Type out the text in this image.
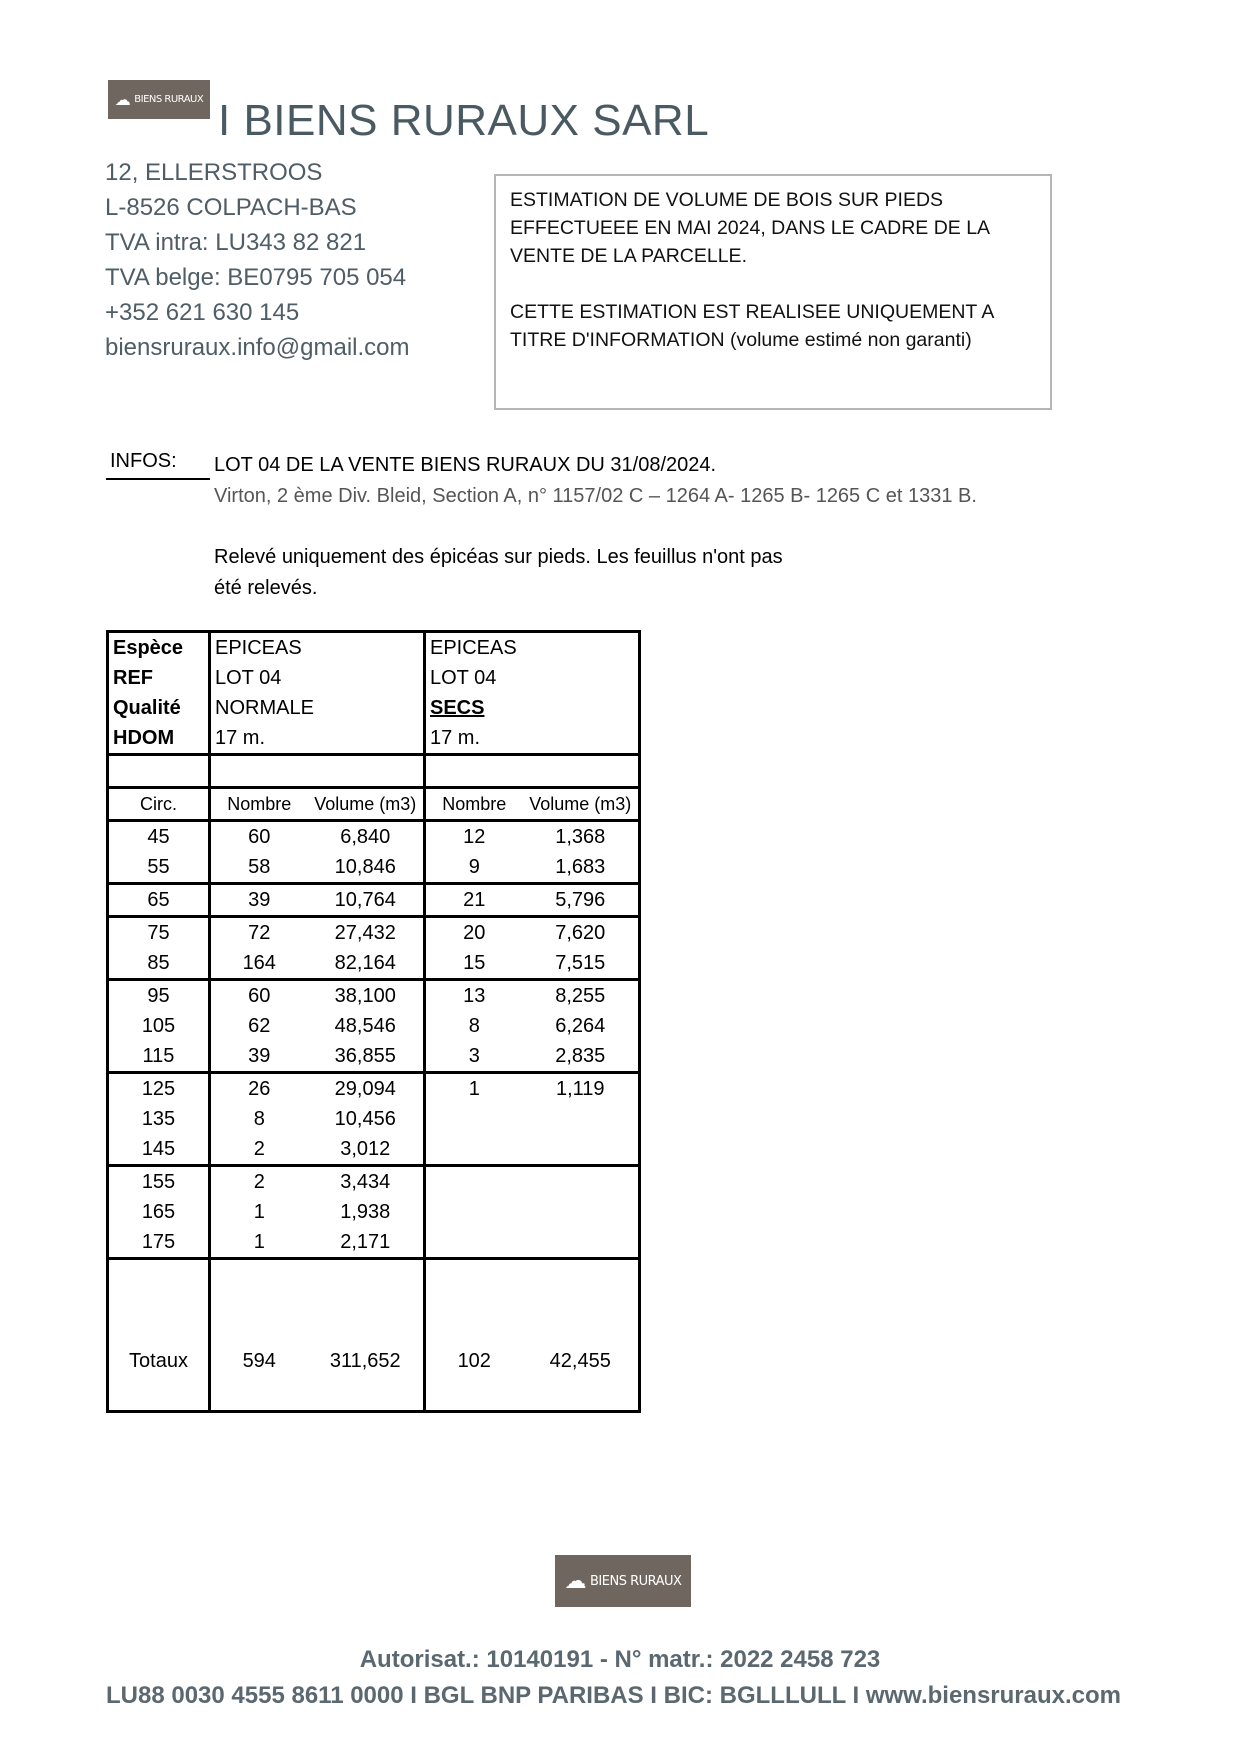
☁ BIENS RURAUX I BIENS RURAUX SARL
12, ELLERSTROOS
L-8526 COLPACH-BAS
TVA intra: LU343 82 821
TVA belge: BE0795 705 054
+352 621 630 145
biensruraux.info@gmail.com

ESTIMATION DE VOLUME DE BOIS SUR PIEDS EFFECTUEEE EN MAI 2024, DANS LE CADRE DE LA VENTE DE LA PARCELLE.

CETTE ESTIMATION EST REALISEE UNIQUEMENT A TITRE D'INFORMATION (volume estimé non garanti)

INFOS: LOT 04 DE LA VENTE BIENS RURAUX DU 31/08/2024.
Virton, 2 ème Div. Bleid, Section A, n° 1157/02 C – 1264 A- 1265 B- 1265 C et 1331 B.
Relevé uniquement des épicéas sur pieds. Les feuillus n'ont pas
été relevés.
Espèce	EPICEAS		EPICEAS	
REF	LOT 04		LOT 04	
Qualité	NORMALE		SECS	
HDOM	17 m.		17 m.	

Circ.	Nombre	Volume (m3)	Nombre	Volume (m3)
45	60	6,840	12	1,368
55	58	10,846	9	1,683
65	39	10,764	21	5,796
75	72	27,432	20	7,620
85	164	82,164	15	7,515
95	60	38,100	13	8,255
105	62	48,546	8	6,264
115	39	36,855	3	2,835
125	26	29,094	1	1,119
135	8	10,456		
145	2	3,012		
155	2	3,434		
165	1	1,938		
175	1	2,171		

Totaux	594	311,652	102	42,455

☁ BIENS RURAUX
Autorisat.: 10140191 - N° matr.: 2022 2458 723
LU88 0030 4555 8611 0000 I BGL BNP PARIBAS I BIC: BGLLLULL I www.biensruraux.com
